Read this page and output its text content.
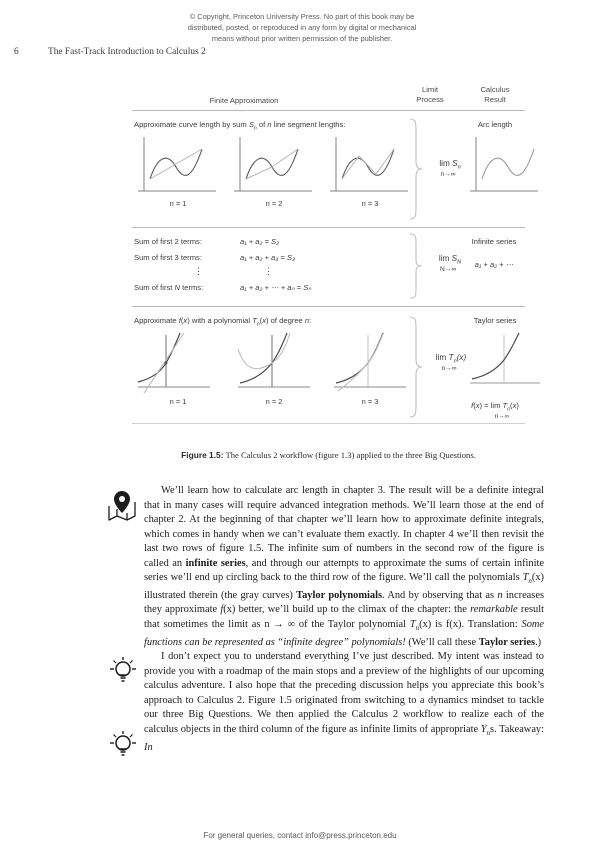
© Copyright, Princeton University Press. No part of this book may be
distributed, posted, or reproduced in any form by digital or mechanical
means without prior written permission of the publisher.
6	The Fast-Track Introduction to Calculus 2
Finite Approximation
Limit
Process
Calculus
Result
Approximate curve length by sum $S_n$ of n line segment lengths:
n = 1	n = 2	n = 3
$\lim S_n$
n→∞
Arc length
Sum of first 2 terms:	a₁ + a₂ = S₂
Sum of first 3 terms:	a₁ + a₂ + a₃ = S₃
⋮	⋮
Sum of first N terms:	a₁ + a₂ + ⋯ + aₙ = Sₙ
$\lim S_N$
N→∞
Infinite series
a₁ + a₂ + ⋯
Approximate f(x) with a polynomial $T_n(x)$ of degree n:
n = 1	n = 2	n = 3
$\lim T_n(x)$
n→∞
Taylor series
$f(x) = \lim T_n(x)$
n→∞
Figure 1.5: The Calculus 2 workflow (figure 1.3) applied to the three Big Questions.

We’ll learn how to calculate arc length in chapter 3. The result will be a definite integral that in many cases will require advanced integration methods. We’ll learn those at the end of chapter 2. At the beginning of that chapter we’ll learn how to approximate definite integrals, which comes in handy when we can’t evaluate them exactly. In chapter 4 we’ll then revisit the last two rows of figure 1.5. The infinite sum of numbers in the second row of the figure is called an infinite series, and through our attempts to approximate the sums of certain infinite series we’ll end up circling back to the third row of the figure. We’ll call the polynomials $T_n(x)$ illustrated therein (the gray curves) Taylor polynomials. And by observing that as n increases they approximate f(x) better, we’ll build up to the climax of the chapter: the remarkable result that sometimes the limit as n → ∞ of the Taylor polynomial $T_n(x)$ is f(x). Translation: Some functions can be represented as “infinite degree” polynomials! (We’ll call these Taylor series.)

I don’t expect you to understand everything I’ve just described. My intent was instead to provide you with a roadmap of the main stops and a preview of the highlights of our upcoming calculus adventure. I also hope that the preceding discussion helps you appreciate this book’s approach to Calculus 2. Figure 1.5 originated from switching to a dynamics mindset to tackle our three Big Questions. We then applied the Calculus 2 workflow to realize each of the calculus objects in the third column of the figure as infinite limits of appropriate $Y_ns$. Takeaway: In

For general queries, contact info@press.princeton.edu
